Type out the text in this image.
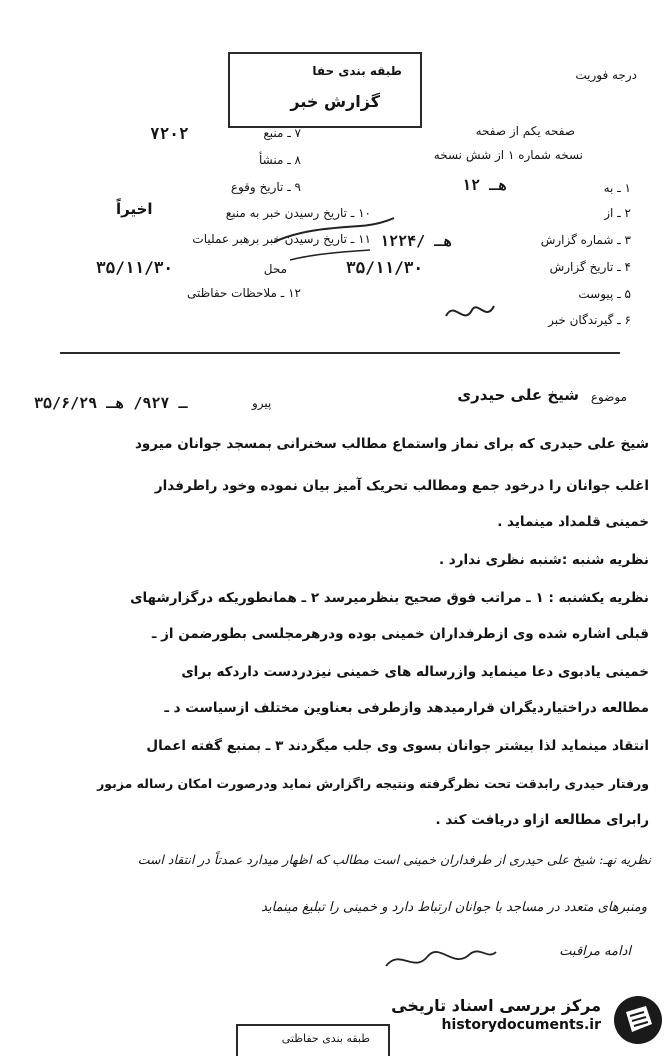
طبقه بندی حفا
گزارش خبر
درجه فوریت
صفحه یکم از صفحه
نسخه شماره ۱ از شش نسخه
۷۲۰۲	۷ ـ منبع
۸ ـ منشأ
۹ ـ تاریخ وقوع
۱۰ ـ تاریخ رسیدن خبر به منبع
اخیراً
۱۱ ـ تاریخ رسیدن خبر برهبر عملیات
۳۵/۱۱/۳۰	محل
۱۲ ـ ملاحظات حفاظتی
۱ ـ به
۱۲ هـ
۲ ـ از
۳ ـ شماره گزارش
۱۲۲۴/ هـ
۴ ـ تاریخ گزارش
۳۵/۱۱/۳۰
۵ ـ پیوست
۶ ـ گیرندگان خبر
موضوع
شیخ علی حیدری
پیرو
۳۵/۶/۲۹ ـ ۹۲۷/ هـ
شیخ علی حیدری که برای نماز واستماع مطالب سخنرانی بمسجد جوانان میرود
اغلب جوانان را درخود جمع ومطالب تحریک آمیز بیان نموده وخود راطرفدار
خمینی قلمداد مینماید .
نظریه شنبه :شنبه نظری ندارد .
نظریه یکشنبه : ۱ ـ مراتب فوق صحیح بنظرمیرسد ۲ ـ همانطوریکه درگزارشهای
قبلی اشاره شده وی ازطرفداران خمینی بوده ودرهرمجلسی بطورضمن از ـ
خمینی یادبوی دعا مینماید وازرساله های خمینی نیزدردست داردکه برای
مطالعه دراختیاردیگران قرارمیدهد وازطرفی بعناوین مختلف ازسیاست د ـ
انتقاد مینماید لذا بیشتر جوانان بسوی وی جلب میگردند ۳ ـ بمنبع گفته اعمال
ورفتار حیدری رابدقت تحت نظرگرفته ونتیجه راگزارش نماید ودرصورت امکان رساله مزبور
رابرای مطالعه ازاو دریافت کند .
نظریه نهـ: شیخ علی حیدری از طرفداران خمینی است مطالب که اظهار میدارد عمدتاً در انتقاد است
ومنبرهای متعدد در مساجد با جوانان ارتباط دارد و خمینی را تبلیغ مینماید
ادامه مراقبت
طبقه بندی حفاظتی
مرکز بررسی اسناد تاریخی
historydocuments.ir
